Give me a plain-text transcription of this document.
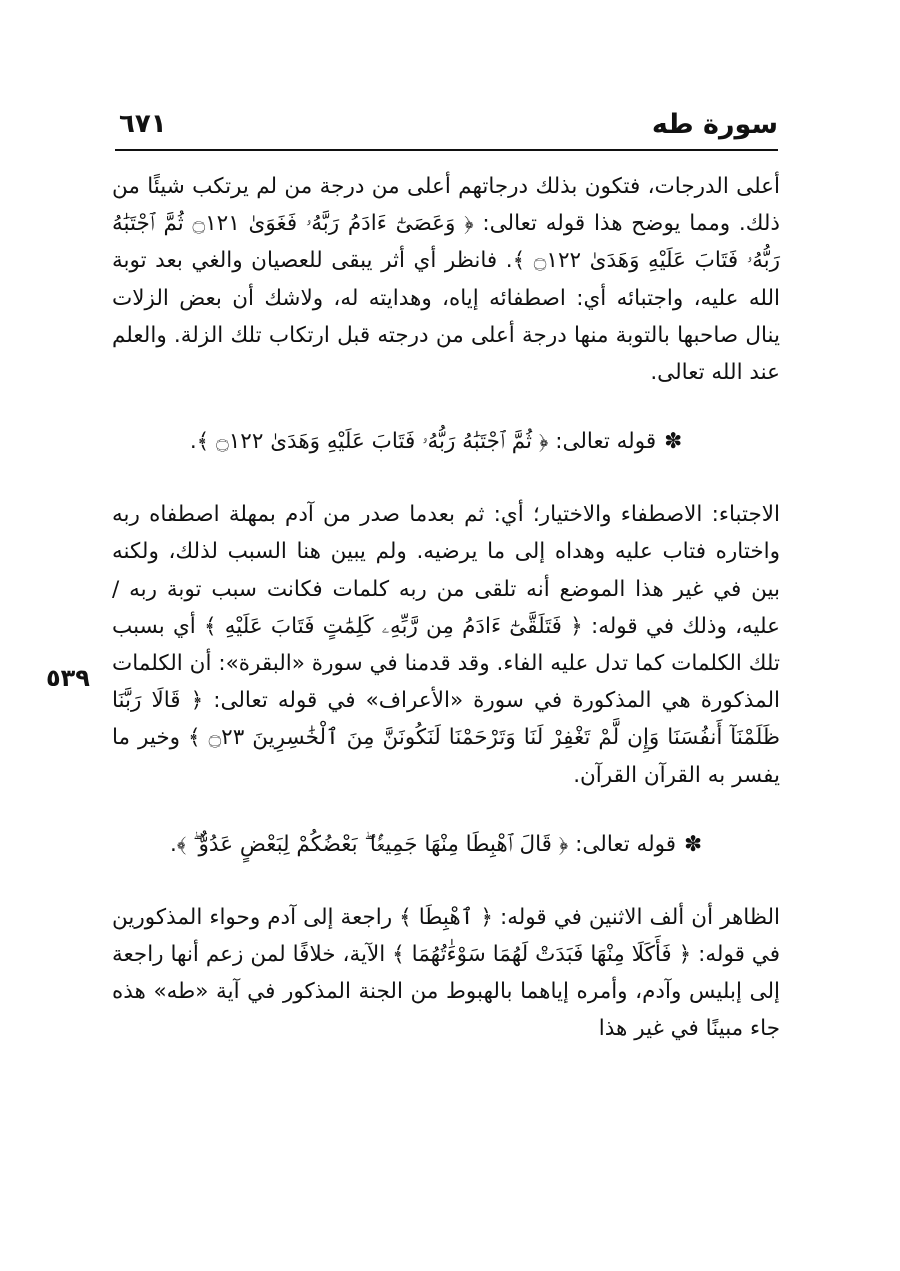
سورة طه
٦٧١
٥٣٩

أعلى الدرجات، فتكون بذلك درجاتهم أعلى من درجة من لم يرتكب شيئًا من ذلك. ومما يوضح هذا قوله تعالى: ﴿ وَعَصَىٰٓ ءَادَمُ رَبَّهُۥ فَغَوَىٰ ۝١٢١ ثُمَّ ٱجْتَبَٰهُ رَبُّهُۥ فَتَابَ عَلَيْهِ وَهَدَىٰ ۝١٢٢ ﴾. فانظر أي أثر يبقى للعصيان والغي بعد توبة الله عليه، واجتبائه أي: اصطفائه إياه، وهدايته له، ولاشك أن بعض الزلات ينال صاحبها بالتوبة منها درجة أعلى من درجته قبل ارتكاب تلك الزلة. والعلم عند الله تعالى.

✽قوله تعالى: ﴿ ثُمَّ ٱجْتَبَٰهُ رَبُّهُۥ فَتَابَ عَلَيْهِ وَهَدَىٰ ۝١٢٢ ﴾.

الاجتباء: الاصطفاء والاختيار؛ أي: ثم بعدما صدر من آدم بمهلة اصطفاه ربه واختاره فتاب عليه وهداه إلى ما يرضيه. ولم يبين هنا السبب لذلك، ولكنه بين في غير هذا الموضع أنه تلقى من ربه كلمات فكانت سبب توبة ربه / عليه، وذلك في قوله: ﴿ فَتَلَقَّىٰٓ ءَادَمُ مِن رَّبِّهِۦ كَلِمَٰتٍ فَتَابَ عَلَيْهِ ﴾ أي بسبب تلك الكلمات كما تدل عليه الفاء. وقد قدمنا في سورة «البقرة»: أن الكلمات المذكورة هي المذكورة في سورة «الأعراف» في قوله تعالى: ﴿ قَالَا رَبَّنَا ظَلَمْنَآ أَنفُسَنَا وَإِن لَّمْ تَغْفِرْ لَنَا وَتَرْحَمْنَا لَنَكُونَنَّ مِنَ ٱلْخَٰسِرِينَ ۝٢٣ ﴾ وخير ما يفسر به القرآن القرآن.

✽قوله تعالى: ﴿ قَالَ ٱهْبِطَا مِنْهَا جَمِيعًۢا ۖ بَعْضُكُمْ لِبَعْضٍ عَدُوٌّ ۖ ﴾.

الظاهر أن ألف الاثنين في قوله: ﴿ ٱهْبِطَا ﴾ راجعة إلى آدم وحواء المذكورين في قوله: ﴿ فَأَكَلَا مِنْهَا فَبَدَتْ لَهُمَا سَوْءَٰتُهُمَا ﴾ الآية، خلافًا لمن زعم أنها راجعة إلى إبليس وآدم، وأمره إياهما بالهبوط من الجنة المذكور في آية «طه» هذه جاء مبينًا في غير هذا
